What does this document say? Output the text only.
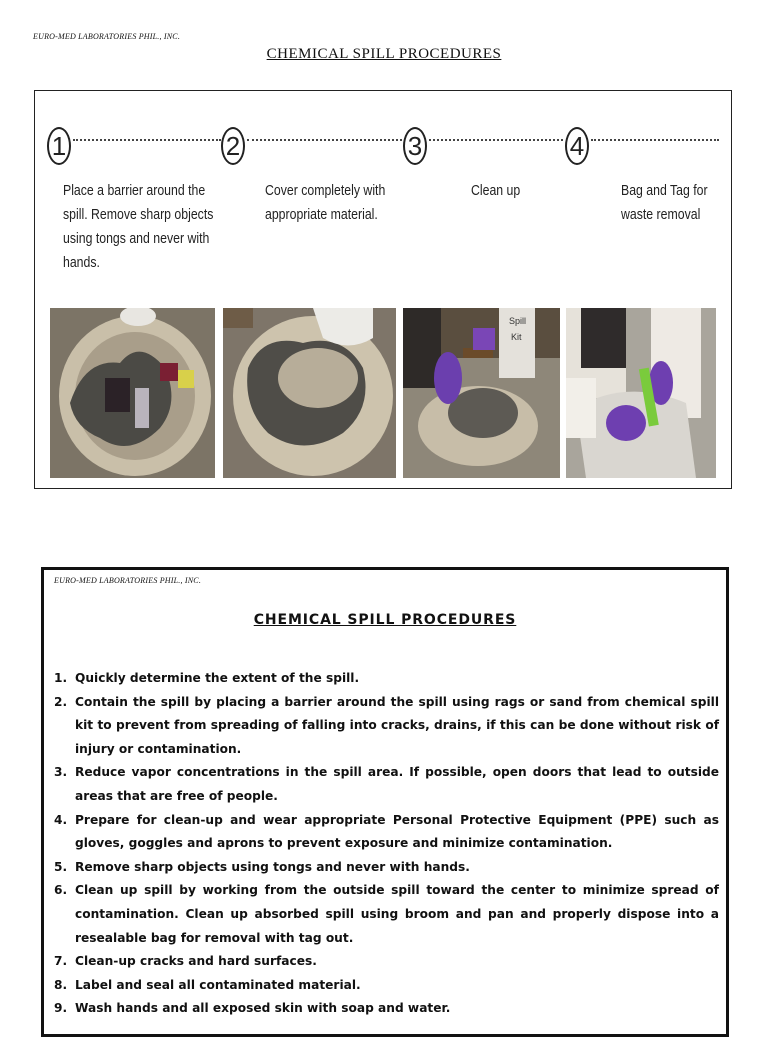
EURO-MED LABORATORIES PHIL., INC.
CHEMICAL SPILL PROCEDURES
1	2	3	4
Place a barrier around the spill. Remove sharp objects using tongs and never with hands.
Cover completely with appropriate material.
Clean up	Bag and Tag for waste removal
Spill
Kit
EURO-MED LABORATORIES PHIL., INC.
CHEMICAL SPILL PROCEDURES
1. Quickly determine the extent of the spill.
2. Contain the spill by placing a barrier around the spill using rags or sand from chemical spill kit to prevent from spreading of falling into cracks, drains, if this can be done without risk of injury or contamination.
3. Reduce vapor concentrations in the spill area. If possible, open doors that lead to outside areas that are free of people.
4. Prepare for clean-up and wear appropriate Personal Protective Equipment (PPE) such as gloves, goggles and aprons to prevent exposure and minimize contamination.
5. Remove sharp objects using tongs and never with hands.
6. Clean up spill by working from the outside spill toward the center to minimize spread of contamination. Clean up absorbed spill using broom and pan and properly dispose into a resealable bag for removal with tag out.
7. Clean-up cracks and hard surfaces.
8. Label and seal all contaminated material.
9. Wash hands and all exposed skin with soap and water.
